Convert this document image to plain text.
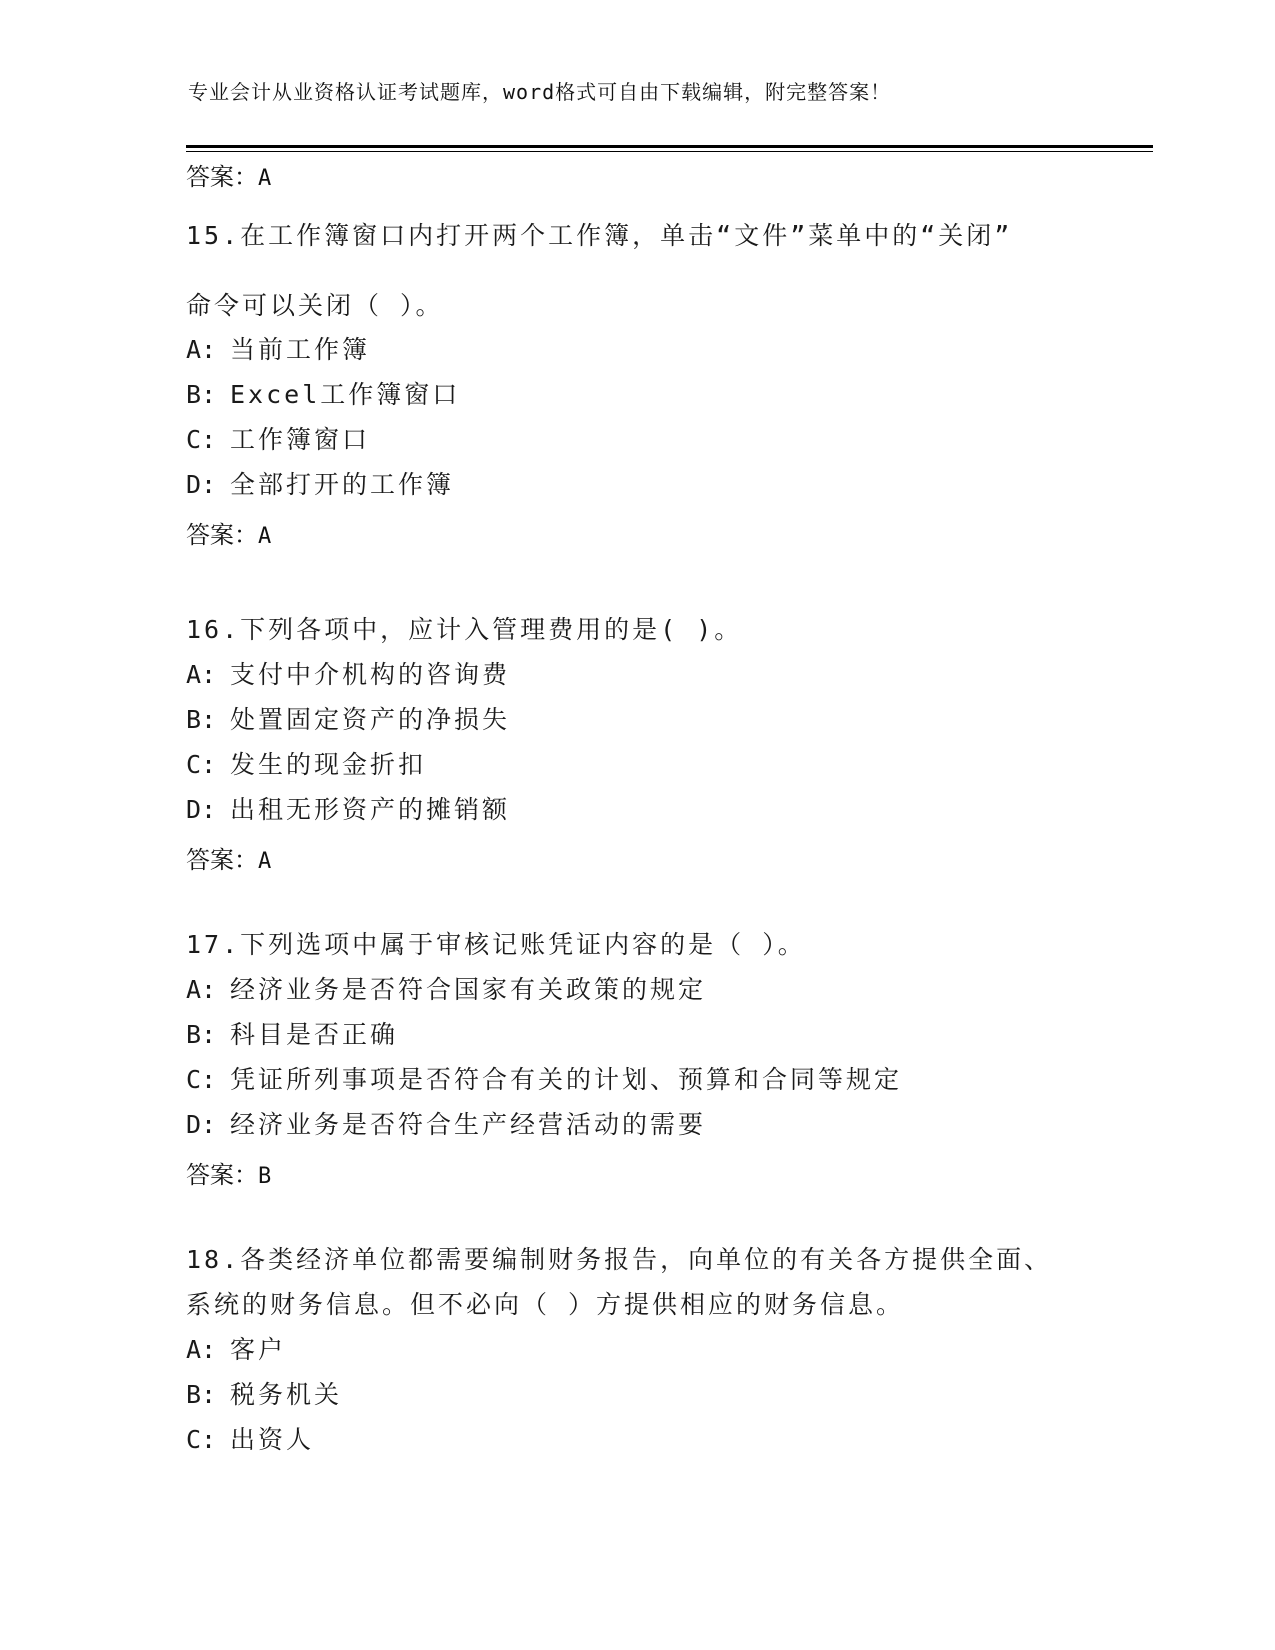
专业会计从业资格认证考试题库，word格式可自由下载编辑，附完整答案！
答案：A
15.在工作簿窗口内打开两个工作簿，单击“文件”菜单中的“关闭”
命令可以关闭（ ）。
A: 当前工作簿
B: Excel工作簿窗口
C: 工作簿窗口
D: 全部打开的工作簿
答案：A
16.下列各项中，应计入管理费用的是( )。
A: 支付中介机构的咨询费
B: 处置固定资产的净损失
C: 发生的现金折扣
D: 出租无形资产的摊销额
答案：A
17.下列选项中属于审核记账凭证内容的是（ ）。
A: 经济业务是否符合国家有关政策的规定
B: 科目是否正确
C: 凭证所列事项是否符合有关的计划、预算和合同等规定
D: 经济业务是否符合生产经营活动的需要
答案：B
18.各类经济单位都需要编制财务报告，向单位的有关各方提供全面、
系统的财务信息。但不必向（ ）方提供相应的财务信息。
A: 客户
B: 税务机关
C: 出资人
